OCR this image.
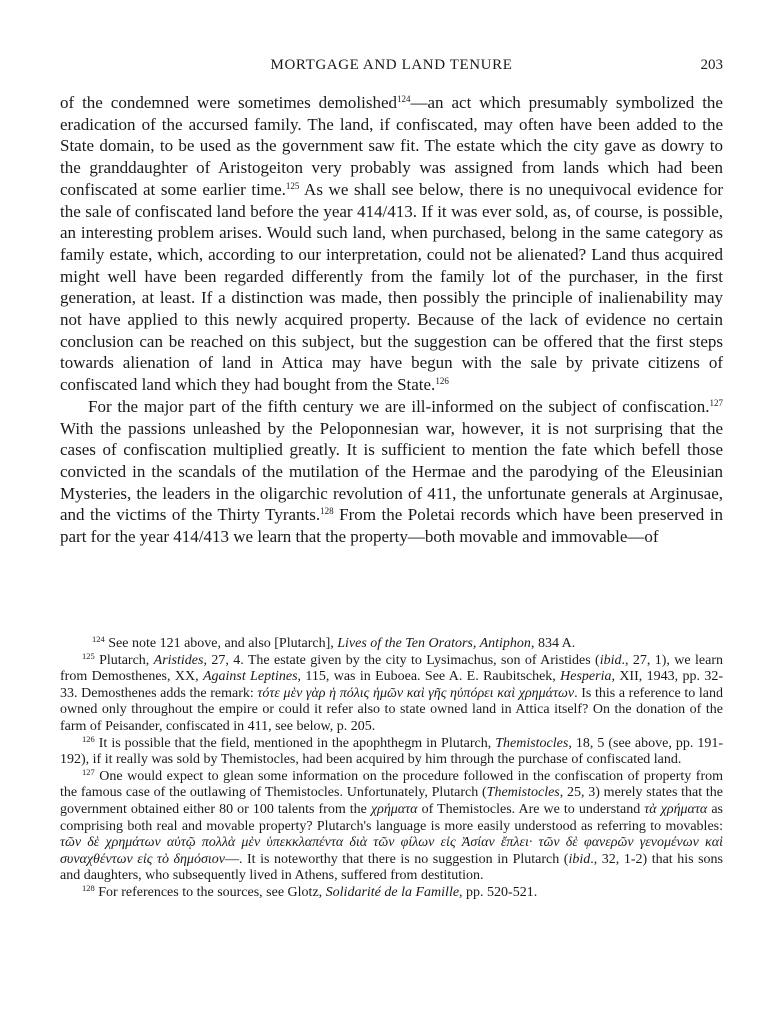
MORTGAGE AND LAND TENURE	203

of the condemned were sometimes demolished$^{124}$—an act which presumably symbolized the eradication of the accursed family. The land, if confiscated, may often have been added to the State domain, to be used as the government saw fit. The estate which the city gave as dowry to the granddaughter of Aristogeiton very probably was assigned from lands which had been confiscated at some earlier time.$^{125}$ As we shall see below, there is no unequivocal evidence for the sale of confiscated land before the year 414/413. If it was ever sold, as, of course, is possible, an interesting problem arises. Would such land, when purchased, belong in the same category as family estate, which, according to our interpretation, could not be alienated? Land thus acquired might well have been regarded differently from the family lot of the purchaser, in the first generation, at least. If a distinction was made, then possibly the principle of inalienability may not have applied to this newly acquired property. Because of the lack of evidence no certain conclusion can be reached on this subject, but the suggestion can be offered that the first steps towards alienation of land in Attica may have begun with the sale by private citizens of confiscated land which they had bought from the State.$^{126}$

For the major part of the fifth century we are ill-informed on the subject of confiscation.$^{127}$ With the passions unleashed by the Peloponnesian war, however, it is not surprising that the cases of confiscation multiplied greatly. It is sufficient to mention the fate which befell those convicted in the scandals of the mutilation of the Hermae and the parodying of the Eleusinian Mysteries, the leaders in the oligarchic revolution of 411, the unfortunate generals at Arginusae, and the victims of the Thirty Tyrants.$^{128}$ From the Poletai records which have been preserved in part for the year 414/413 we learn that the property—both movable and immovable—of

$^{124}$ See note 121 above, and also [Plutarch], Lives of the Ten Orators, Antiphon, 834 A.

$^{125}$ Plutarch, Aristides, 27, 4. The estate given by the city to Lysimachus, son of Aristides (ibid., 27, 1), we learn from Demosthenes, XX, Against Leptines, 115, was in Euboea. See A. E. Raubitschek, Hesperia, XII, 1943, pp. 32-33. Demosthenes adds the remark: τότε μὲν γὰρ ἡ πόλις ἡμῶν καὶ γῆς ηὐπόρει καὶ χρημάτων. Is this a reference to land owned only throughout the empire or could it refer also to state owned land in Attica itself? On the donation of the farm of Peisander, confiscated in 411, see below, p. 205.

$^{126}$ It is possible that the field, mentioned in the apophthegm in Plutarch, Themistocles, 18, 5 (see above, pp. 191-192), if it really was sold by Themistocles, had been acquired by him through the purchase of confiscated land.

$^{127}$ One would expect to glean some information on the procedure followed in the confiscation of property from the famous case of the outlawing of Themistocles. Unfortunately, Plutarch (Themistocles, 25, 3) merely states that the government obtained either 80 or 100 talents from the χρήματα of Themistocles. Are we to understand τὰ χρήματα as comprising both real and movable property? Plutarch's language is more easily understood as referring to movables: τῶν δὲ χρημάτων αὐτῷ πολλὰ μὲν ὑπεκκλαπέντα διὰ τῶν φίλων εἰς Ἀσίαν ἔπλει· τῶν δὲ φανερῶν γενομένων καὶ συναχθέντων εἰς τὸ δημόσιον—. It is noteworthy that there is no suggestion in Plutarch (ibid., 32, 1-2) that his sons and daughters, who subsequently lived in Athens, suffered from destitution.

$^{128}$ For references to the sources, see Glotz, Solidarité de la Famille, pp. 520-521.
